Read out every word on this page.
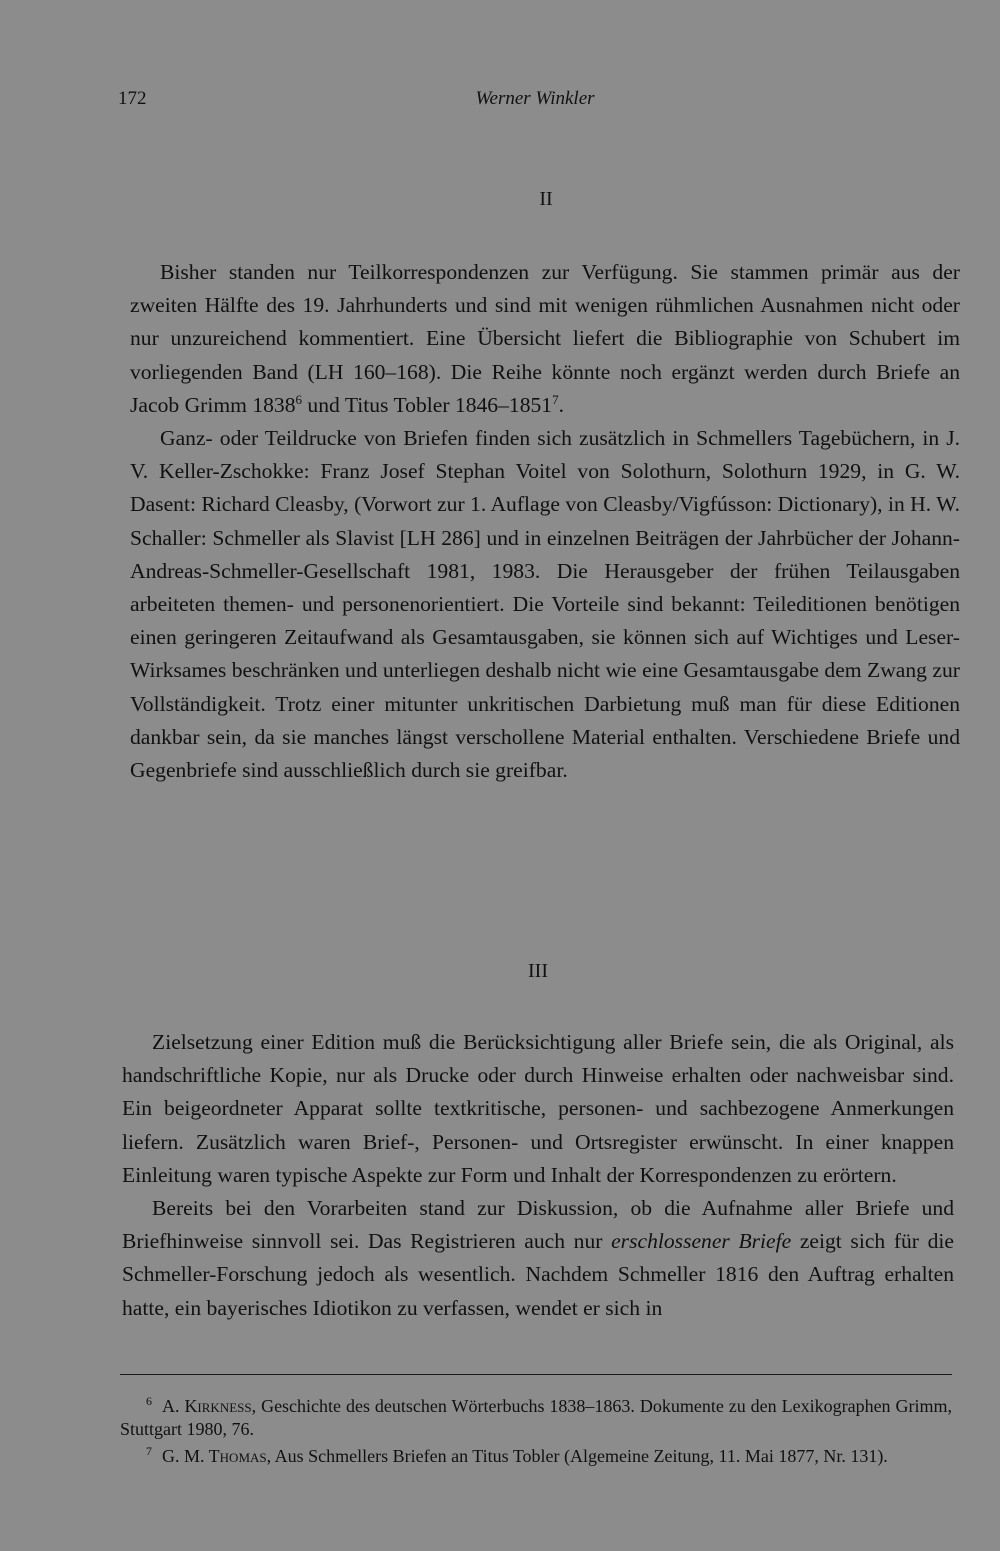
172	Werner Winkler
II

Bisher standen nur Teilkorrespondenzen zur Verfügung. Sie stammen primär aus der zweiten Hälfte des 19. Jahrhunderts und sind mit wenigen rühmlichen Ausnahmen nicht oder nur unzureichend kommentiert. Eine Übersicht liefert die Bibliographie von Schubert im vorliegenden Band (LH 160–168). Die Reihe könnte noch ergänzt werden durch Briefe an Jacob Grimm 1838$^6$ und Titus Tobler 1846–1851$^7$.

Ganz- oder Teildrucke von Briefen finden sich zusätzlich in Schmellers Tagebüchern, in J. V. Keller-Zschokke: Franz Josef Stephan Voitel von Solothurn, Solothurn 1929, in G. W. Dasent: Richard Cleasby, (Vorwort zur 1. Auflage von Cleasby/Vigfússon: Dictionary), in H. W. Schaller: Schmeller als Slavist [LH 286] und in einzelnen Beiträgen der Jahrbücher der Johann-Andreas-Schmeller-Gesellschaft 1981, 1983. Die Herausgeber der frühen Teilausgaben arbeiteten themen- und personenorientiert. Die Vorteile sind bekannt: Teileditionen benötigen einen geringeren Zeitaufwand als Gesamtausgaben, sie können sich auf Wichtiges und Leser-Wirksames beschränken und unterliegen deshalb nicht wie eine Gesamtausgabe dem Zwang zur Vollständigkeit. Trotz einer mitunter unkritischen Darbietung muß man für diese Editionen dankbar sein, da sie manches längst verschollene Material enthalten. Verschiedene Briefe und Gegenbriefe sind ausschließlich durch sie greifbar.

III

Zielsetzung einer Edition muß die Berücksichtigung aller Briefe sein, die als Original, als handschriftliche Kopie, nur als Drucke oder durch Hinweise erhalten oder nachweisbar sind. Ein beigeordneter Apparat sollte textkritische, personen- und sachbezogene Anmerkungen liefern. Zusätzlich waren Brief-, Personen- und Ortsregister erwünscht. In einer knappen Einleitung waren typische Aspekte zur Form und Inhalt der Korrespondenzen zu erörtern.

Bereits bei den Vorarbeiten stand zur Diskussion, ob die Aufnahme aller Briefe und Briefhinweise sinnvoll sei. Das Registrieren auch nur erschlossener Briefe zeigt sich für die Schmeller-Forschung jedoch als wesentlich. Nachdem Schmeller 1816 den Auftrag erhalten hatte, ein bayerisches Idiotikon zu verfassen, wendet er sich in

$^6$ A. Kirkness, Geschichte des deutschen Wörterbuchs 1838–1863. Dokumente zu den Lexikographen Grimm, Stuttgart 1980, 76.

$^7$ G. M. Thomas, Aus Schmellers Briefen an Titus Tobler (Algemeine Zeitung, 11. Mai 1877, Nr. 131).
